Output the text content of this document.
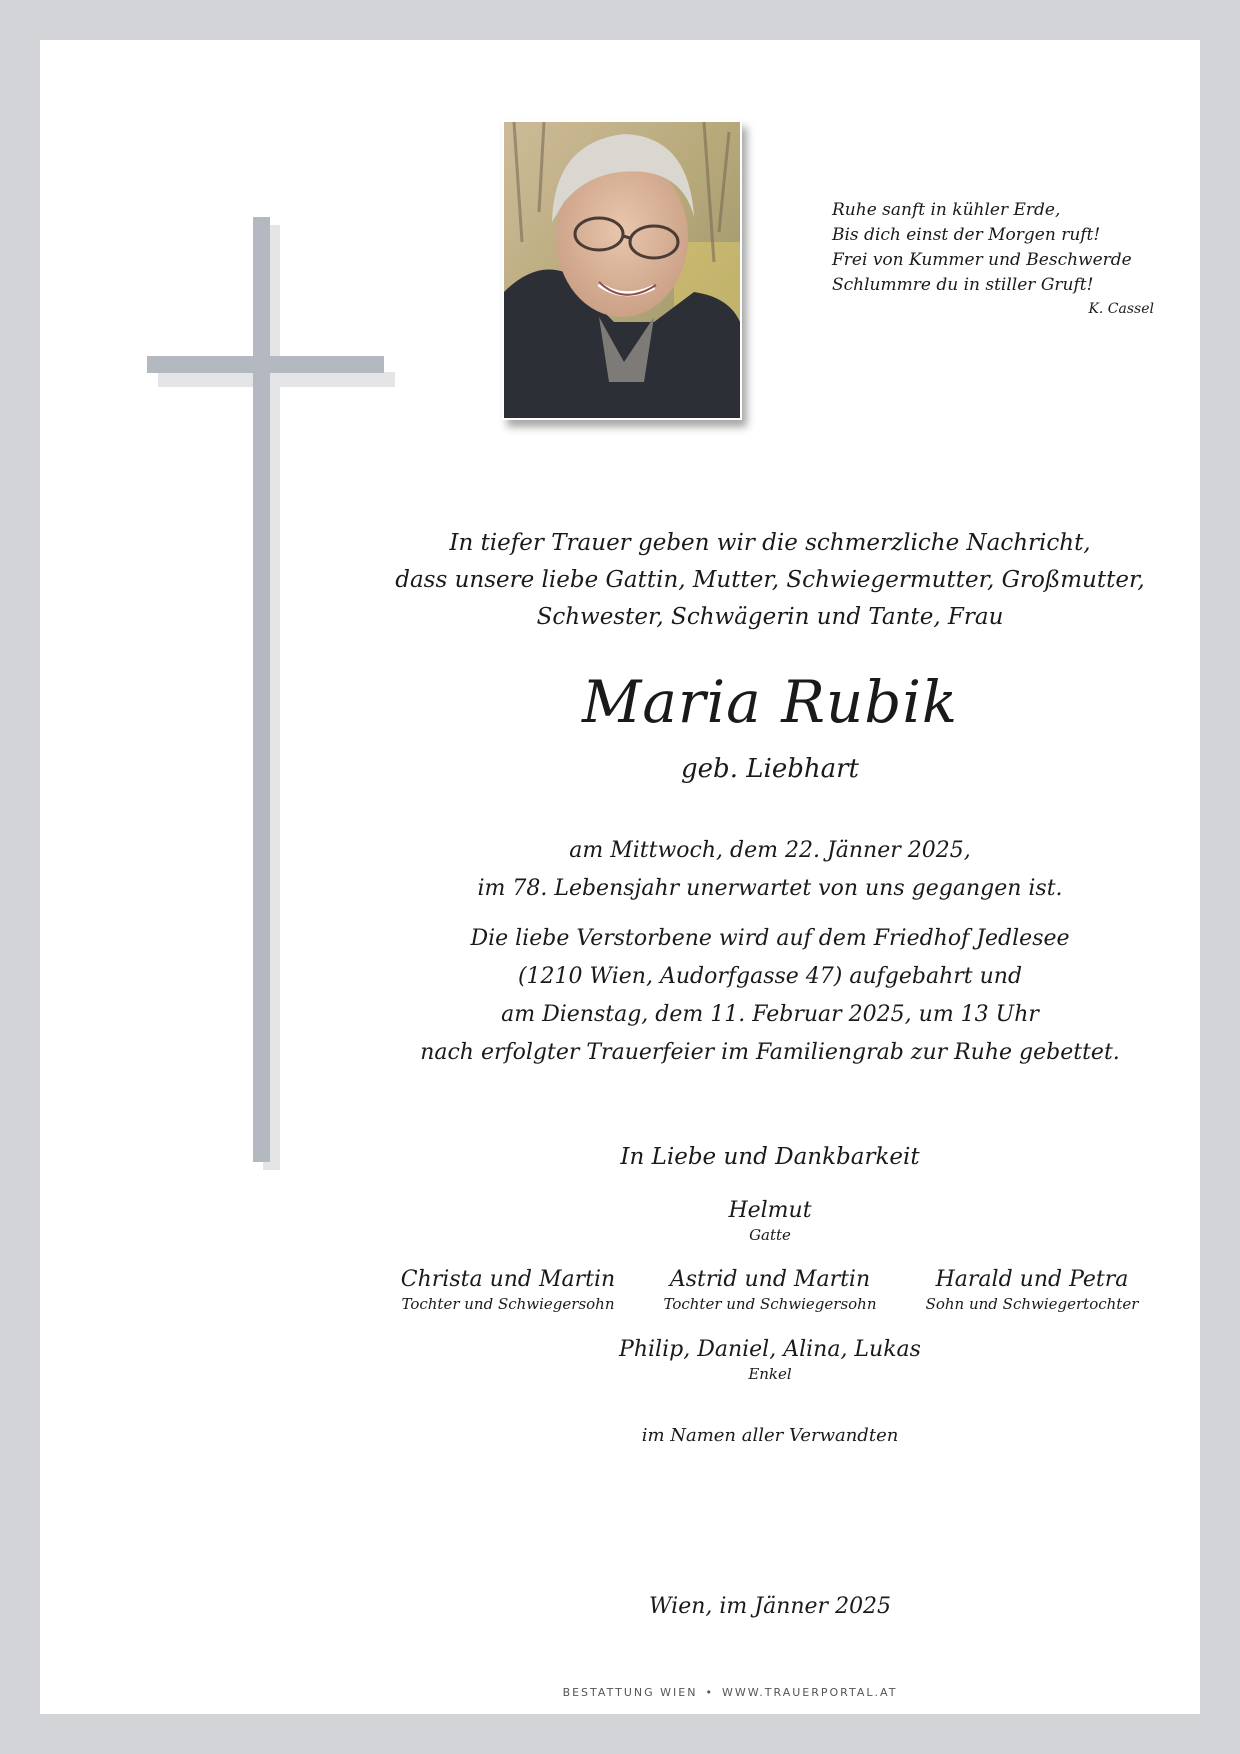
Ruhe sanft in kühler Erde,
Bis dich einst der Morgen ruft!
Frei von Kummer und Beschwerde
Schlummre du in stiller Gruft!
K. Cassel
In tiefer Trauer geben wir die schmerzliche Nachricht,
dass unsere liebe Gattin, Mutter, Schwiegermutter, Großmutter,
Schwester, Schwägerin und Tante, Frau
Maria Rubik
geb. Liebhart
am Mittwoch, dem 22. Jänner 2025,
im 78. Lebensjahr unerwartet von uns gegangen ist.
Die liebe Verstorbene wird auf dem Friedhof Jedlesee
(1210 Wien, Audorfgasse 47) aufgebahrt und
am Dienstag, dem 11. Februar 2025, um 13 Uhr
nach erfolgter Trauerfeier im Familiengrab zur Ruhe gebettet.
In Liebe und Dankbarkeit
Helmut
Gatte
Christa und Martin
Tochter und Schwiegersohn
Astrid und Martin
Tochter und Schwiegersohn
Harald und Petra
Sohn und Schwiegertochter
Philip, Daniel, Alina, Lukas
Enkel
im Namen aller Verwandten
Wien, im Jänner 2025
BESTATTUNG WIEN • WWW.TRAUERPORTAL.AT
